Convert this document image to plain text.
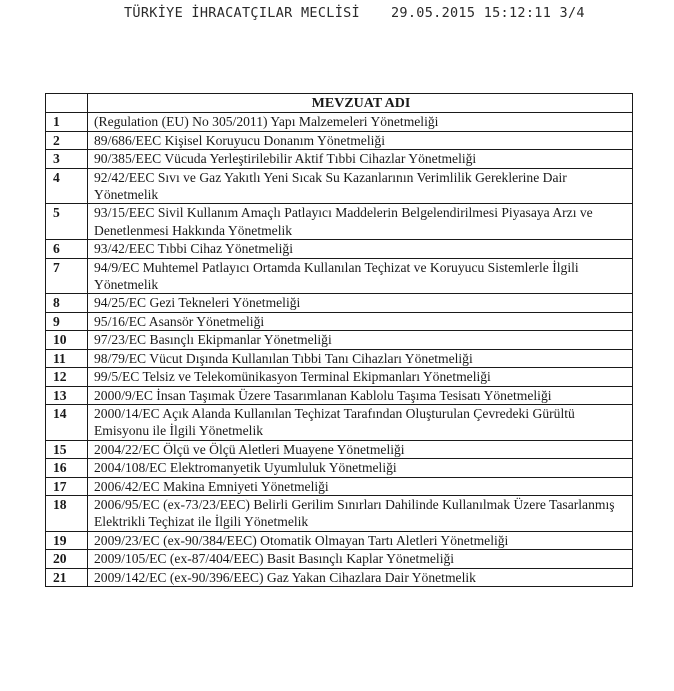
TÜRKİYE İHRACATÇILAR MECLİSİ 29.05.2015 15:12:11 3/4
	MEVZUAT ADI
1	(Regulation (EU) No 305/2011) Yapı Malzemeleri Yönetmeliği
2	89/686/EEC Kişisel Koruyucu Donanım Yönetmeliği
3	90/385/EEC Vücuda Yerleştirilebilir Aktif Tıbbi Cihazlar Yönetmeliği
4	92/42/EEC Sıvı ve Gaz Yakıtlı Yeni Sıcak Su Kazanlarının Verimlilik Gereklerine Dair Yönetmelik
5	93/15/EEC Sivil Kullanım Amaçlı Patlayıcı Maddelerin Belgelendirilmesi Piyasaya Arzı ve Denetlenmesi Hakkında Yönetmelik
6	93/42/EEC Tıbbi Cihaz Yönetmeliği
7	94/9/EC Muhtemel Patlayıcı Ortamda Kullanılan Teçhizat ve Koruyucu Sistemlerle İlgili Yönetmelik
8	94/25/EC Gezi Tekneleri Yönetmeliği
9	95/16/EC Asansör Yönetmeliği
10	97/23/EC Basınçlı Ekipmanlar Yönetmeliği
11	98/79/EC Vücut Dışında Kullanılan Tıbbi Tanı Cihazları Yönetmeliği
12	99/5/EC Telsiz ve Telekomünikasyon Terminal Ekipmanları Yönetmeliği
13	2000/9/EC İnsan Taşımak Üzere Tasarımlanan Kablolu Taşıma Tesisatı Yönetmeliği
14	2000/14/EC Açık Alanda Kullanılan Teçhizat Tarafından Oluşturulan Çevredeki Gürültü Emisyonu ile İlgili Yönetmelik
15	2004/22/EC Ölçü ve Ölçü Aletleri Muayene Yönetmeliği
16	2004/108/EC Elektromanyetik Uyumluluk Yönetmeliği
17	2006/42/EC Makina Emniyeti Yönetmeliği
18	2006/95/EC (ex-73/23/EEC) Belirli Gerilim Sınırları Dahilinde Kullanılmak Üzere Tasarlanmış Elektrikli Teçhizat ile İlgili Yönetmelik
19	2009/23/EC (ex-90/384/EEC) Otomatik Olmayan Tartı Aletleri Yönetmeliği
20	2009/105/EC (ex-87/404/EEC) Basit Basınçlı Kaplar Yönetmeliği
21	2009/142/EC (ex-90/396/EEC) Gaz Yakan Cihazlara Dair Yönetmelik
